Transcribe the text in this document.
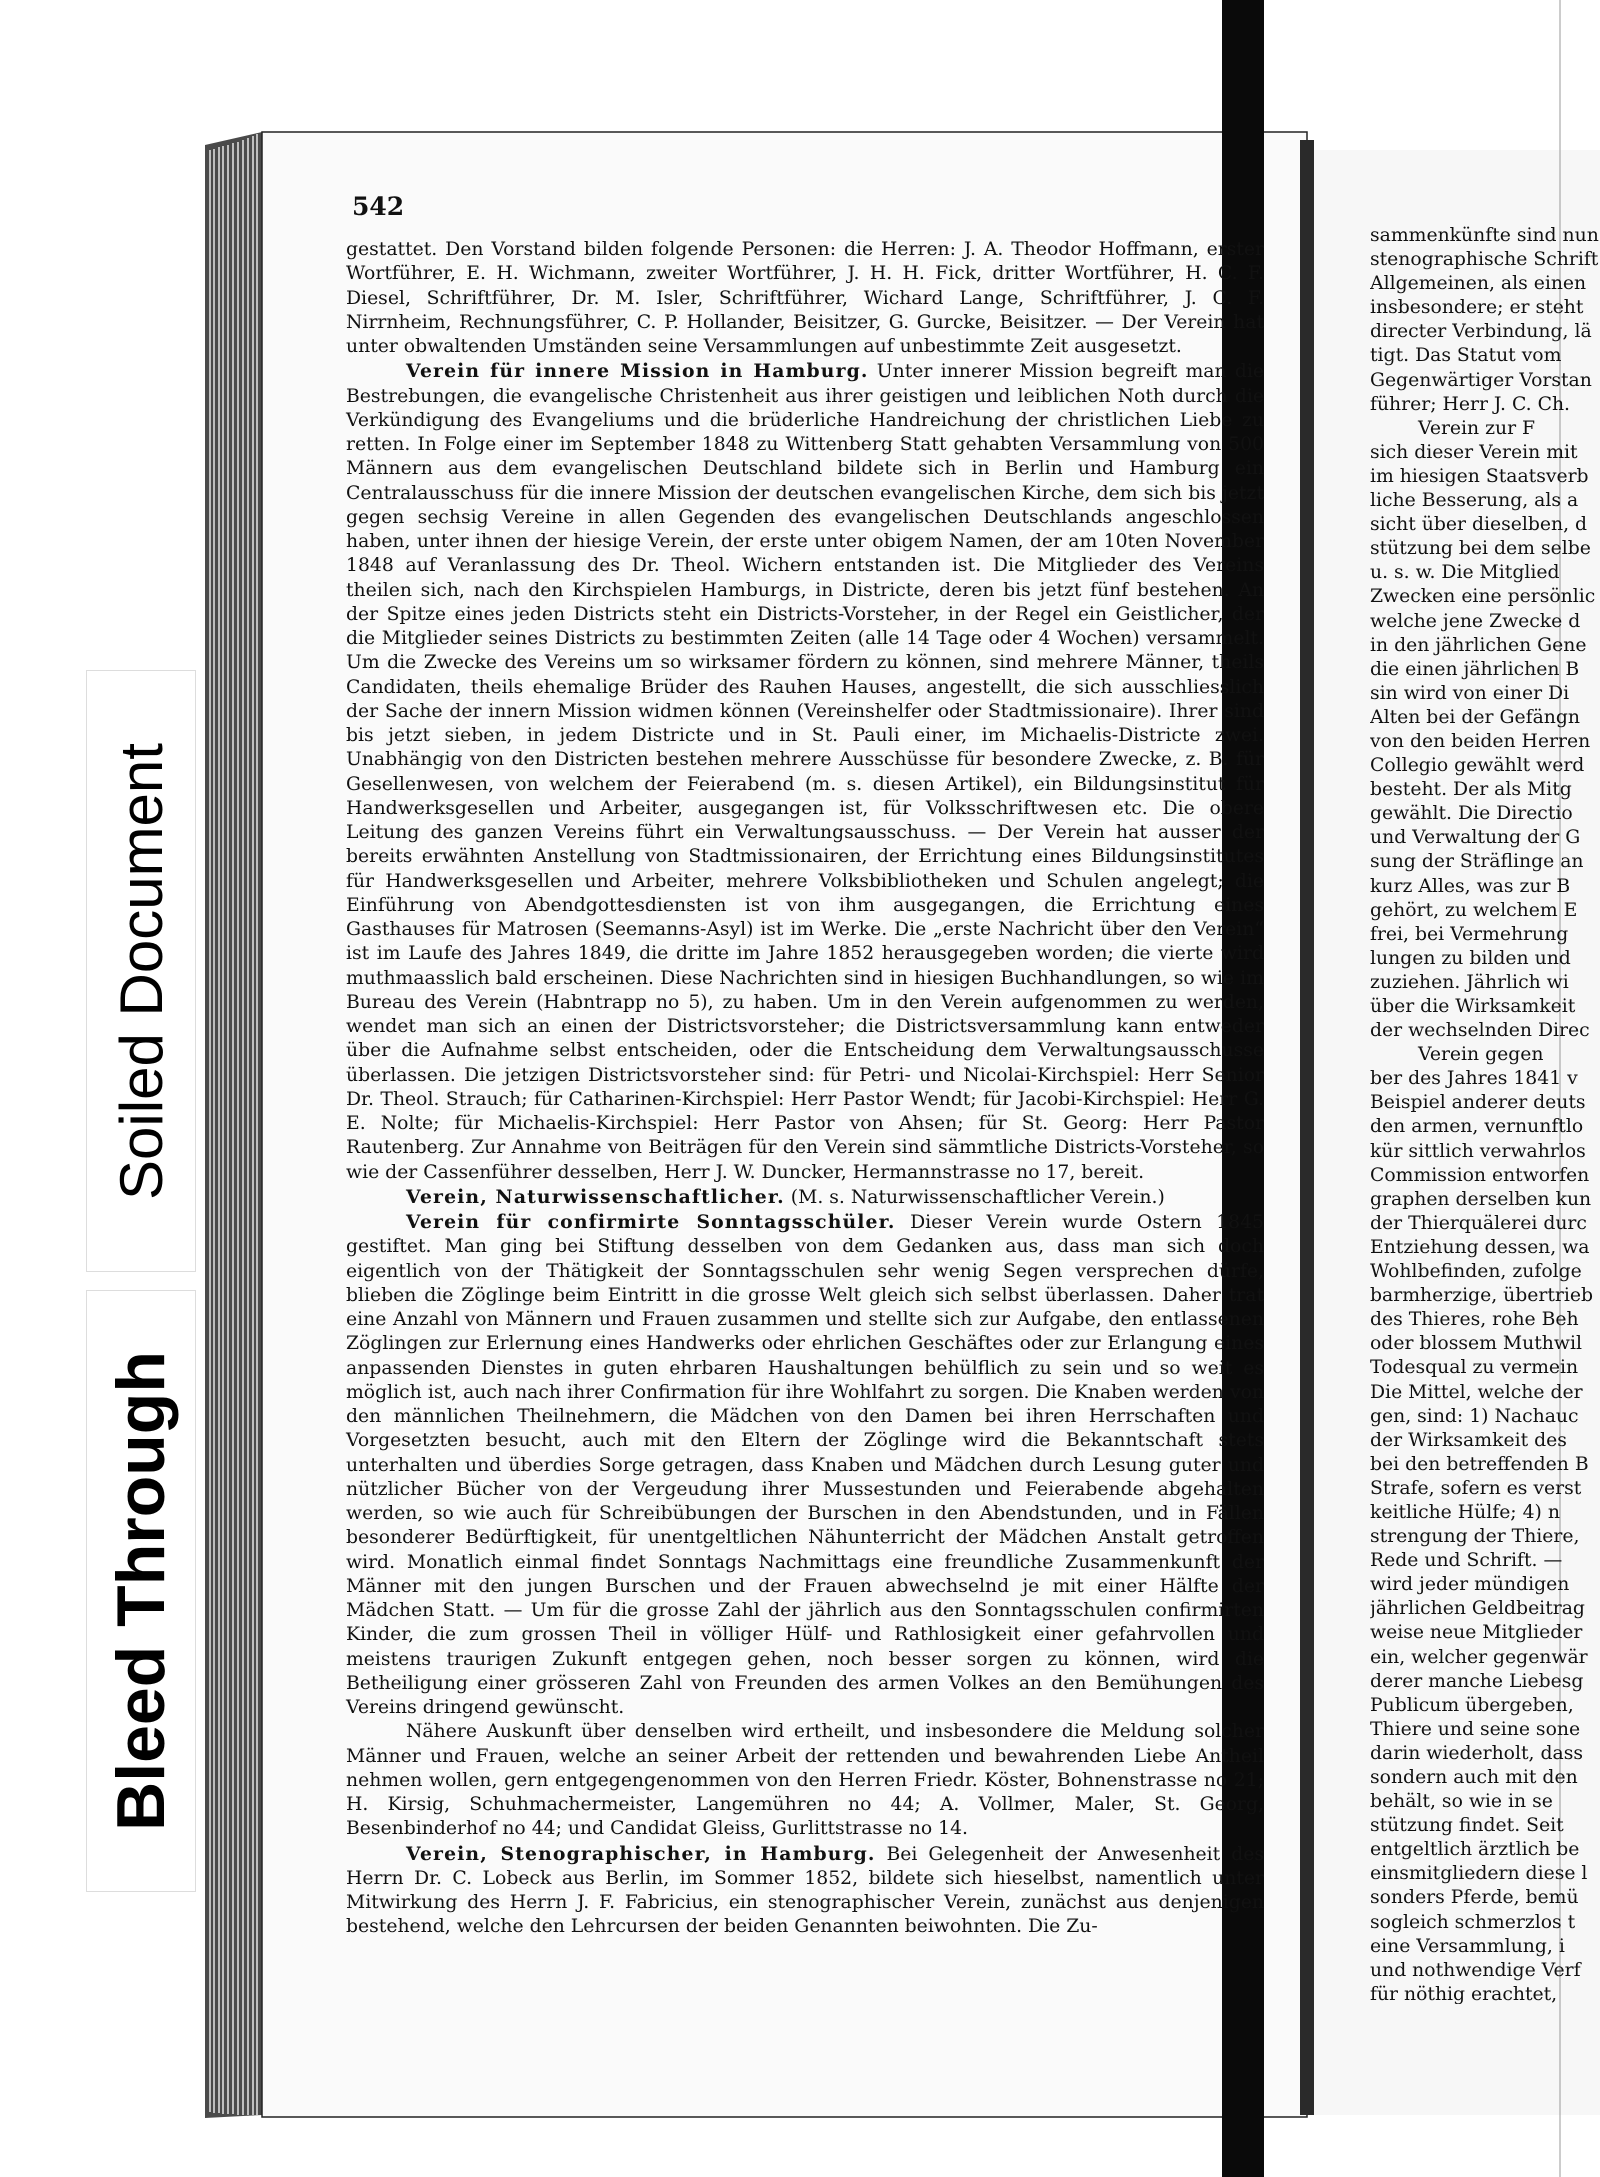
Soiled Document
Bleed Through
542

gestattet. Den Vorstand bilden folgende Personen: die Herren: J. A. Theodor Hoffmann, erster Wortführer, E. H. Wichmann, zweiter Wortführer, J. H. H. Fick, dritter Wortführer, H. C. F. Diesel, Schriftführer, Dr. M. Isler, Schriftführer, Wichard Lange, Schriftführer, J. C. F. Nirrnheim, Rechnungsführer, C. P. Hollander, Beisitzer, G. Gurcke, Beisitzer. — Der Verein hat unter obwaltenden Umständen seine Versammlungen auf unbestimmte Zeit ausgesetzt.

Verein für innere Mission in Hamburg. Unter innerer Mission begreift man die Bestrebungen, die evangelische Christenheit aus ihrer geistigen und leiblichen Noth durch die Verkündigung des Evangeliums und die brüderliche Handreichung der christlichen Liebe zu retten. In Folge einer im September 1848 zu Wittenberg Statt gehabten Versammlung von 500 Männern aus dem evangelischen Deutschland bildete sich in Berlin und Hamburg ein Centralausschuss für die innere Mission der deutschen evangelischen Kirche, dem sich bis jetzt gegen sechsig Vereine in allen Gegenden des evangelischen Deutschlands angeschlossen haben, unter ihnen der hiesige Verein, der erste unter obigem Namen, der am 10ten November 1848 auf Veranlassung des Dr. Theol. Wichern entstanden ist. Die Mitglieder des Vereins theilen sich, nach den Kirchspielen Hamburgs, in Districte, deren bis jetzt fünf bestehen. An der Spitze eines jeden Districts steht ein Districts-Vorsteher, in der Regel ein Geistlicher, der die Mitglieder seines Districts zu bestimmten Zeiten (alle 14 Tage oder 4 Wochen) versammelt. Um die Zwecke des Vereins um so wirksamer fördern zu können, sind mehrere Männer, theils Candidaten, theils ehemalige Brüder des Rauhen Hauses, angestellt, die sich ausschliesslich der Sache der innern Mission widmen können (Vereinshelfer oder Stadtmissionaire). Ihrer sind bis jetzt sieben, in jedem Districte und in St. Pauli einer, im Michaelis-Districte zwei. Unabhängig von den Districten bestehen mehrere Ausschüsse für besondere Zwecke, z. B. für Gesellenwesen, von welchem der Feierabend (m. s. diesen Artikel), ein Bildungsinstitut für Handwerksgesellen und Arbeiter, ausgegangen ist, für Volksschriftwesen etc. Die obere Leitung des ganzen Vereins führt ein Verwaltungsausschuss. — Der Verein hat ausser der bereits erwähnten Anstellung von Stadtmissionairen, der Errichtung eines Bildungsinstitutes für Handwerksgesellen und Arbeiter, mehrere Volksbibliotheken und Schulen angelegt; die Einführung von Abendgottesdiensten ist von ihm ausgegangen, die Errichtung eines Gasthauses für Matrosen (Seemanns-Asyl) ist im Werke. Die „erste Nachricht über den Verein“ ist im Laufe des Jahres 1849, die dritte im Jahre 1852 herausgegeben worden; die vierte wird muthmaasslich bald erscheinen. Diese Nachrichten sind in hiesigen Buchhandlungen, so wie im Bureau des Verein (Habntrapp no 5), zu haben. Um in den Verein aufgenommen zu werden, wendet man sich an einen der Districtsvorsteher; die Districtsversammlung kann entweder über die Aufnahme selbst entscheiden, oder die Entscheidung dem Verwaltungsausschusse überlassen. Die jetzigen Districtsvorsteher sind: für Petri- und Nicolai-Kirchspiel: Herr Senior Dr. Theol. Strauch; für Catharinen-Kirchspiel: Herr Pastor Wendt; für Jacobi-Kirchspiel: Herr G. E. Nolte; für Michaelis-Kirchspiel: Herr Pastor von Ahsen; für St. Georg: Herr Pastor Rautenberg. Zur Annahme von Beiträgen für den Verein sind sämmtliche Districts-Vorsteher, so wie der Cassenführer desselben, Herr J. W. Duncker, Hermannstrasse no 17, bereit.

Verein, Naturwissenschaftlicher. (M. s. Naturwissenschaftlicher Verein.)

Verein für confirmirte Sonntagsschüler. Dieser Verein wurde Ostern 1845 gestiftet. Man ging bei Stiftung desselben von dem Gedanken aus, dass man sich doch eigentlich von der Thätigkeit der Sonntagsschulen sehr wenig Segen versprechen dürfe, blieben die Zöglinge beim Eintritt in die grosse Welt gleich sich selbst überlassen. Daher trat eine Anzahl von Männern und Frauen zusammen und stellte sich zur Aufgabe, den entlassenen Zöglingen zur Erlernung eines Handwerks oder ehrlichen Geschäftes oder zur Erlangung eines anpassenden Dienstes in guten ehrbaren Haushaltungen behülflich zu sein und so weit es möglich ist, auch nach ihrer Confirmation für ihre Wohlfahrt zu sorgen. Die Knaben werden von den männlichen Theilnehmern, die Mädchen von den Damen bei ihren Herrschaften und Vorgesetzten besucht, auch mit den Eltern der Zöglinge wird die Bekanntschaft stets unterhalten und überdies Sorge getragen, dass Knaben und Mädchen durch Lesung guter und nützlicher Bücher von der Vergeudung ihrer Mussestunden und Feierabende abgehalten werden, so wie auch für Schreibübungen der Burschen in den Abendstunden, und in Fällen besonderer Bedürftigkeit, für unentgeltlichen Nähunterricht der Mädchen Anstalt getroffen wird. Monatlich einmal findet Sonntags Nachmittags eine freundliche Zusammenkunft der Männer mit den jungen Burschen und der Frauen abwechselnd je mit einer Hälfte der Mädchen Statt. — Um für die grosse Zahl der jährlich aus den Sonntagsschulen confirmirten Kinder, die zum grossen Theil in völliger Hülf- und Rathlosigkeit einer gefahrvollen und meistens traurigen Zukunft entgegen gehen, noch besser sorgen zu können, wird die Betheiligung einer grösseren Zahl von Freunden des armen Volkes an den Bemühungen des Vereins dringend gewünscht.

Nähere Auskunft über denselben wird ertheilt, und insbesondere die Meldung solcher Männer und Frauen, welche an seiner Arbeit der rettenden und bewahrenden Liebe Antheil nehmen wollen, gern entgegengenommen von den Herren Friedr. Köster, Bohnenstrasse no 21; H. Kirsig, Schuhmachermeister, Langemühren no 44; A. Vollmer, Maler, St. Georg, Besenbinderhof no 44; und Candidat Gleiss, Gurlittstrasse no 14.

Verein, Stenographischer, in Hamburg. Bei Gelegenheit der Anwesenheit des Herrn Dr. C. Lobeck aus Berlin, im Sommer 1852, bildete sich hieselbst, namentlich unter Mitwirkung des Herrn J. F. Fabricius, ein stenographischer Verein, zunächst aus denjenigen bestehend, welche den Lehrcursen der beiden Genannten beiwohnten. Die Zu-

sammenkünfte sind nun
stenographische Schrift
Allgemeinen, als einen
insbesondere; er steht
directer Verbindung, lä
tigt. Das Statut vom
Gegenwärtiger Vorstan
führer; Herr J. C. Ch.
Verein zur F
sich dieser Verein mit
im hiesigen Staatsverb
liche Besserung, als a
sicht über dieselben, d
stützung bei dem selbe
u. s. w. Die Mitglied
Zwecken eine persönlic
welche jene Zwecke d
in den jährlichen Gene
die einen jährlichen B
sin wird von einer Di
Alten bei der Gefängn
von den beiden Herren
Collegio gewählt werd
besteht. Der als Mitg
gewählt. Die Directio
und Verwaltung der G
sung der Sträflinge an
kurz Alles, was zur B
gehört, zu welchem E
frei, bei Vermehrung
lungen zu bilden und
zuziehen. Jährlich wi
über die Wirksamkeit
der wechselnden Direc
Verein gegen
ber des Jahres 1841 v
Beispiel anderer deuts
den armen, vernunftlo
kür sittlich verwahrlos
Commission entworfen
graphen derselben kun
der Thierquälerei durc
Entziehung dessen, wa
Wohlbefinden, zufolge
barmherzige, übertrieb
des Thieres, rohe Beh
oder blossem Muthwil
Todesqual zu vermein
Die Mittel, welche der
gen, sind: 1) Nachauc
der Wirksamkeit des
bei den betreffenden B
Strafe, sofern es verst
keitliche Hülfe; 4) n
strengung der Thiere,
Rede und Schrift. —
wird jeder mündigen
jährlichen Geldbeitrag
weise neue Mitglieder
ein, welcher gegenwär
derer manche Liebesg
Publicum übergeben,
Thiere und seine sone
darin wiederholt, dass
sondern auch mit den
behält, so wie in se
stützung findet. Seit
entgeltlich ärztlich be
einsmitgliedern diese l
sonders Pferde, bemü
sogleich schmerzlos t
eine Versammlung, i
und nothwendige Verf
für nöthig erachtet,
